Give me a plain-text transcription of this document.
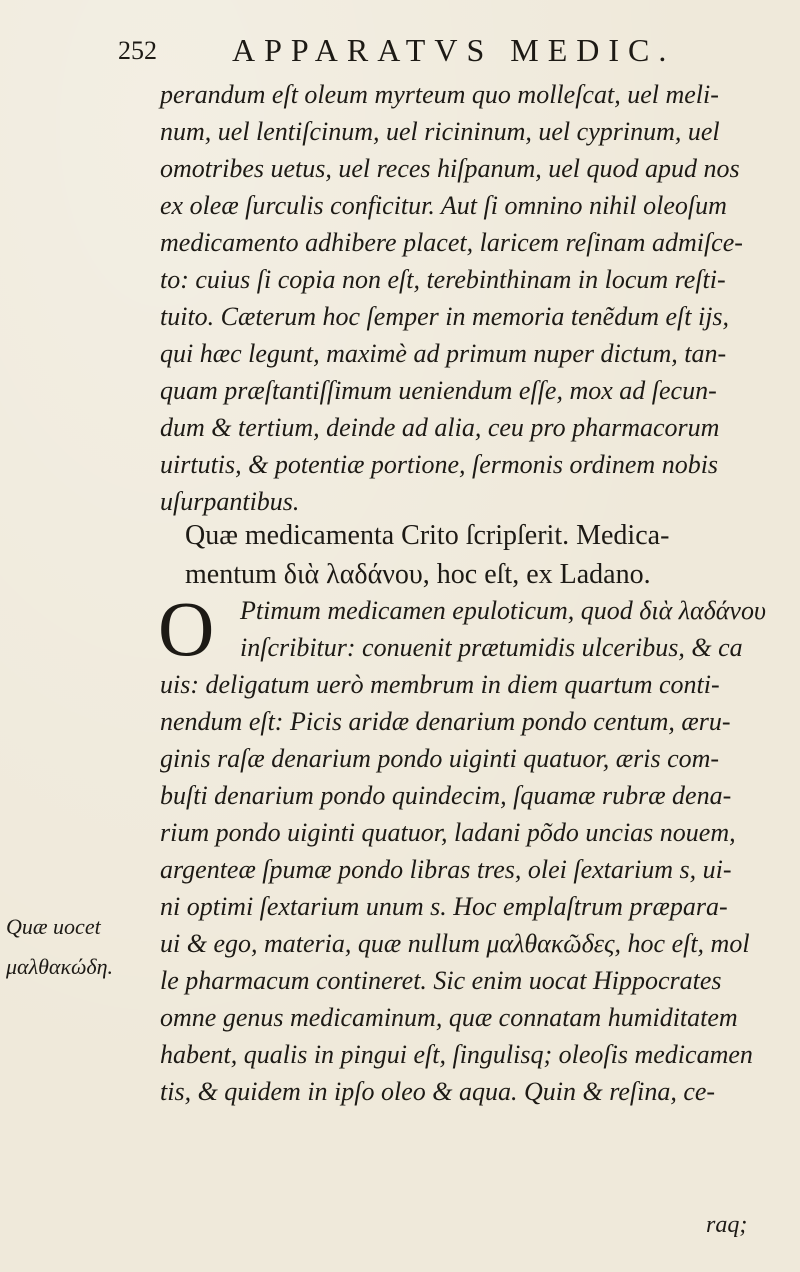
252 APPARATVS MEDIC.
perandum eſt oleum myrteum quo molleſcat, uel meli-
num, uel lentiſcinum, uel ricininum, uel cyprinum, uel
omotribes uetus, uel reces hiſpanum, uel quod apud nos
ex oleæ ſurculis conficitur. Aut ſi omnino nihil oleoſum
medicamento adhibere placet, laricem reſinam admiſce-
to: cuius ſi copia non eſt, terebinthinam in locum reſti-
tuito. Cæterum hoc ſemper in memoria tenẽdum eſt ijs,
qui hæc legunt, maximè ad primum nuper dictum, tan-
quam præſtantiſſimum ueniendum eſſe, mox ad ſecun-
dum & tertium, deinde ad alia, ceu pro pharmacorum
uirtutis, & potentiæ portione, ſermonis ordinem nobis
uſurpantibus.
Quæ medicamenta Crito ſcripſerit. Medica-
mentum διὰ λαδάνου, hoc eſt, ex Ladano.
O Ptimum medicamen epuloticum, quod διὰ λαδάνου
inſcribitur: conuenit prætumidis ulceribus, & ca
uis: deligatum uerò membrum in diem quartum conti-
nendum eſt: Picis aridæ denarium pondo centum, æru-
ginis raſæ denarium pondo uiginti quatuor, æris com-
buſti denarium pondo quindecim, ſquamæ rubræ dena-
rium pondo uiginti quatuor, ladani põdo uncias nouem,
argenteæ ſpumæ pondo libras tres, olei ſextarium s, ui-
ni optimi ſextarium unum s. Hoc emplaſtrum præpara-
ui & ego, materia, quæ nullum μαλθακῶδες, hoc eſt, mol
le pharmacum contineret. Sic enim uocat Hippocrates
omne genus medicaminum, quæ connatam humiditatem
habent, qualis in pingui eſt, ſingulisq; oleoſis medicamen
tis, & quidem in ipſo oleo & aqua. Quin & reſina, ce-
Quæ uocet
μαλθακώδη.
raq;
